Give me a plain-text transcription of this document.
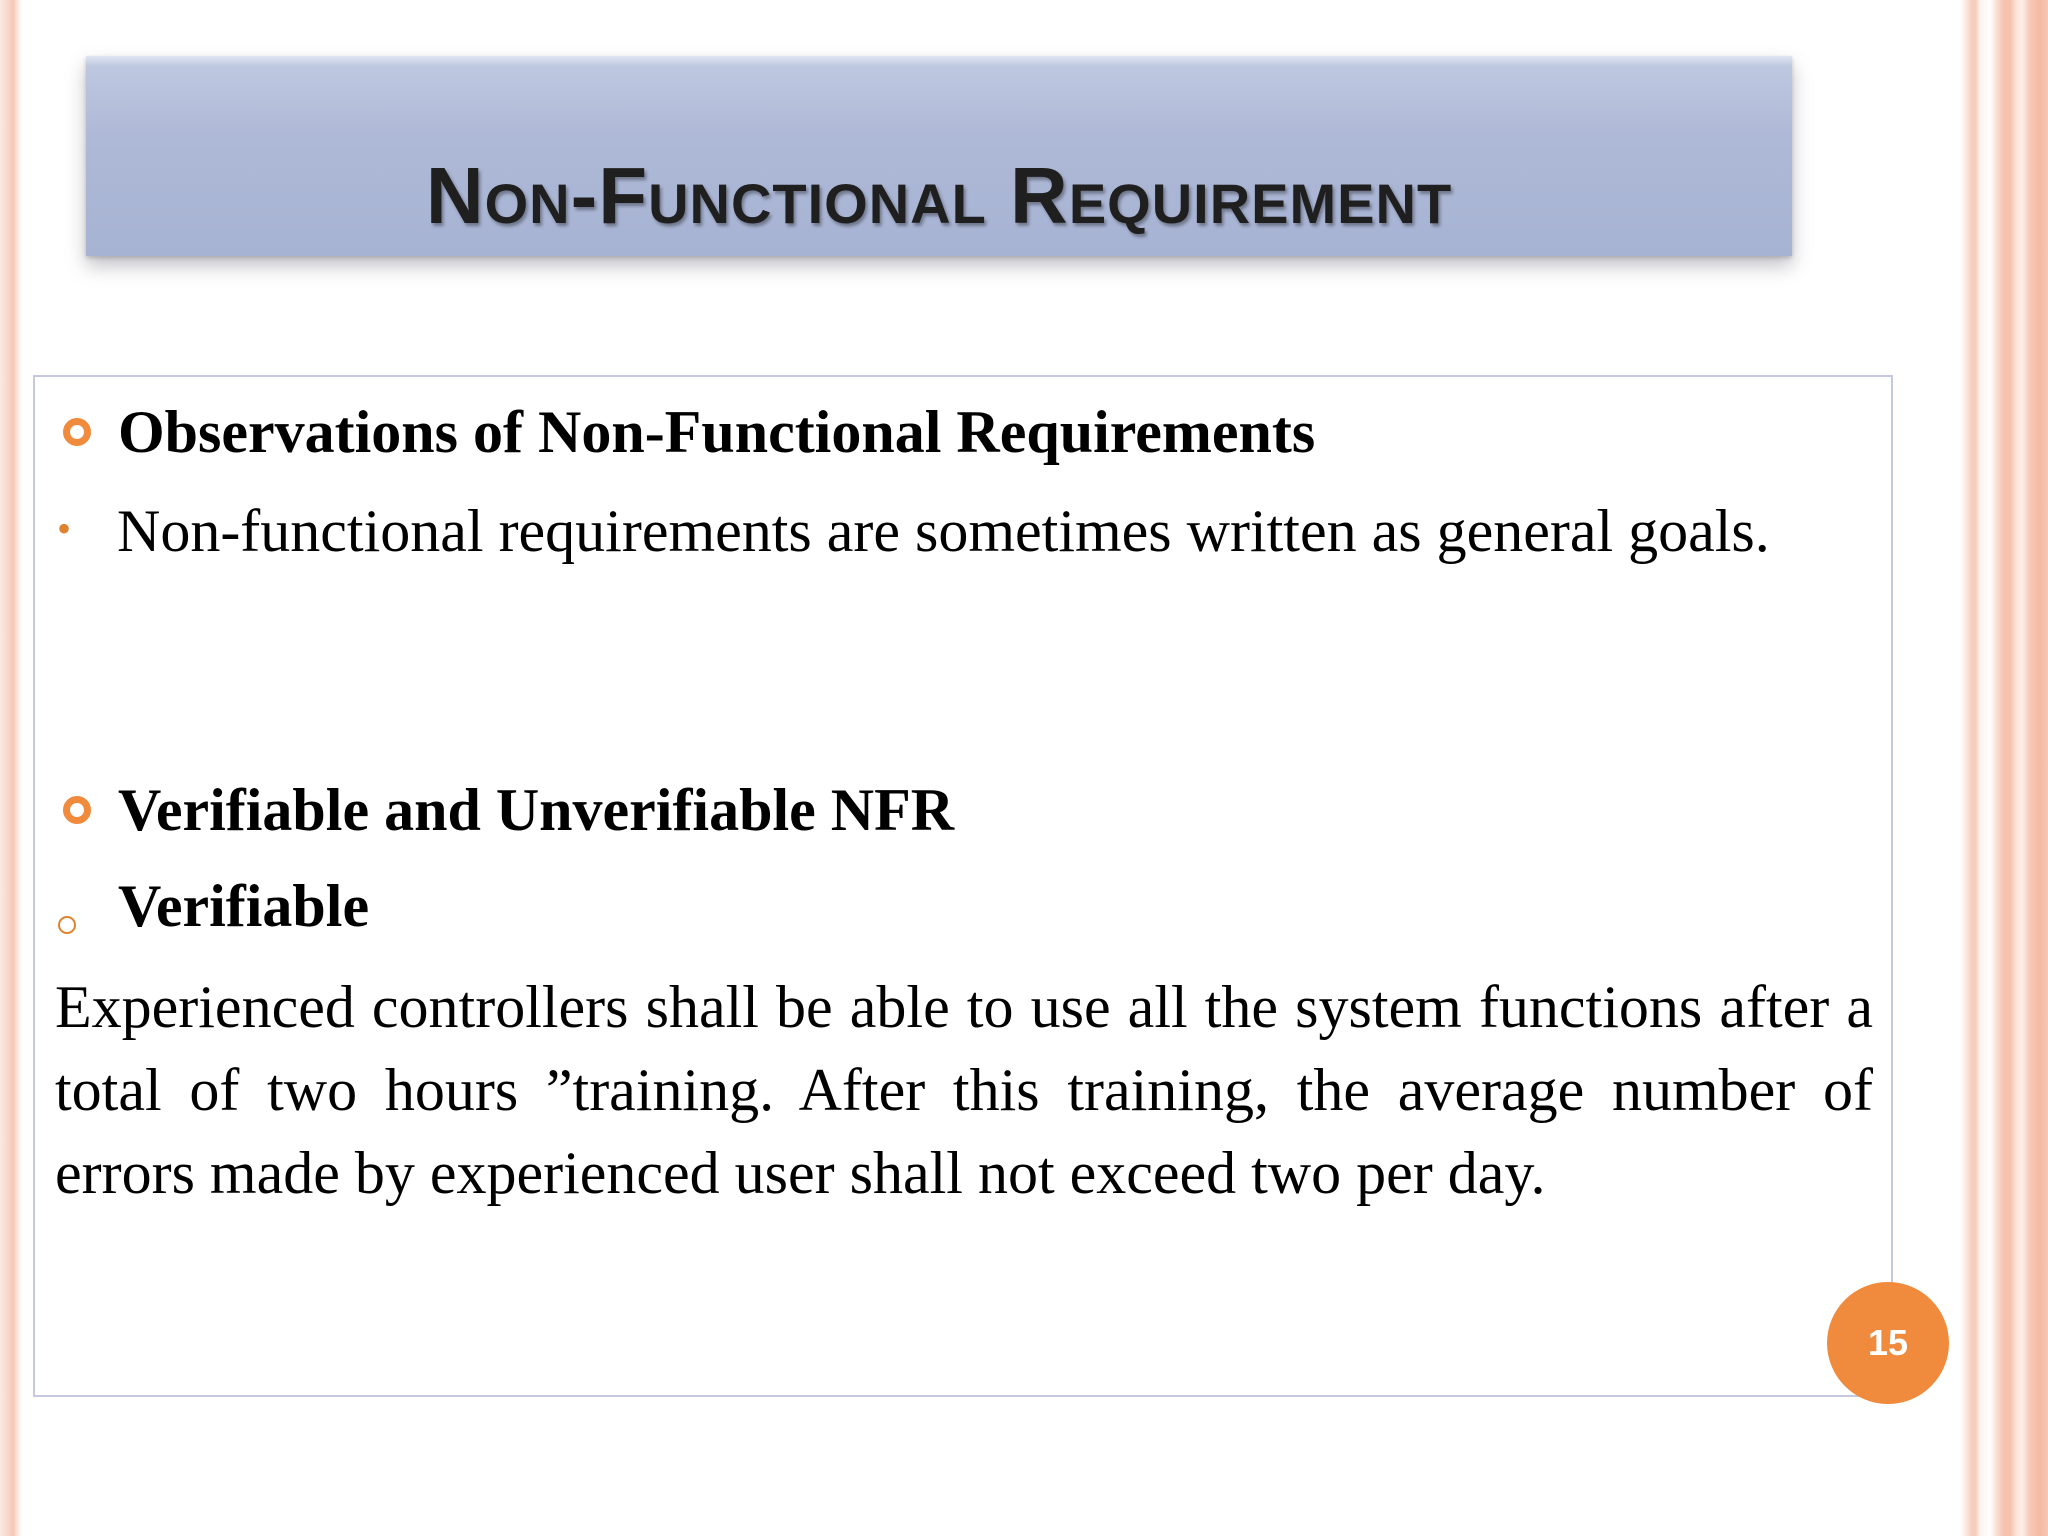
Non-Functional Requirement
Observations of Non-Functional Requirements
• Non-functional requirements are sometimes written as general goals.
Verifiable and Unverifiable NFR
Verifiable
Experienced controllers shall be able to use all the system functions after a total of two hours ”training. After this training, the average number of errors made by experienced user shall not exceed two per day.
15
